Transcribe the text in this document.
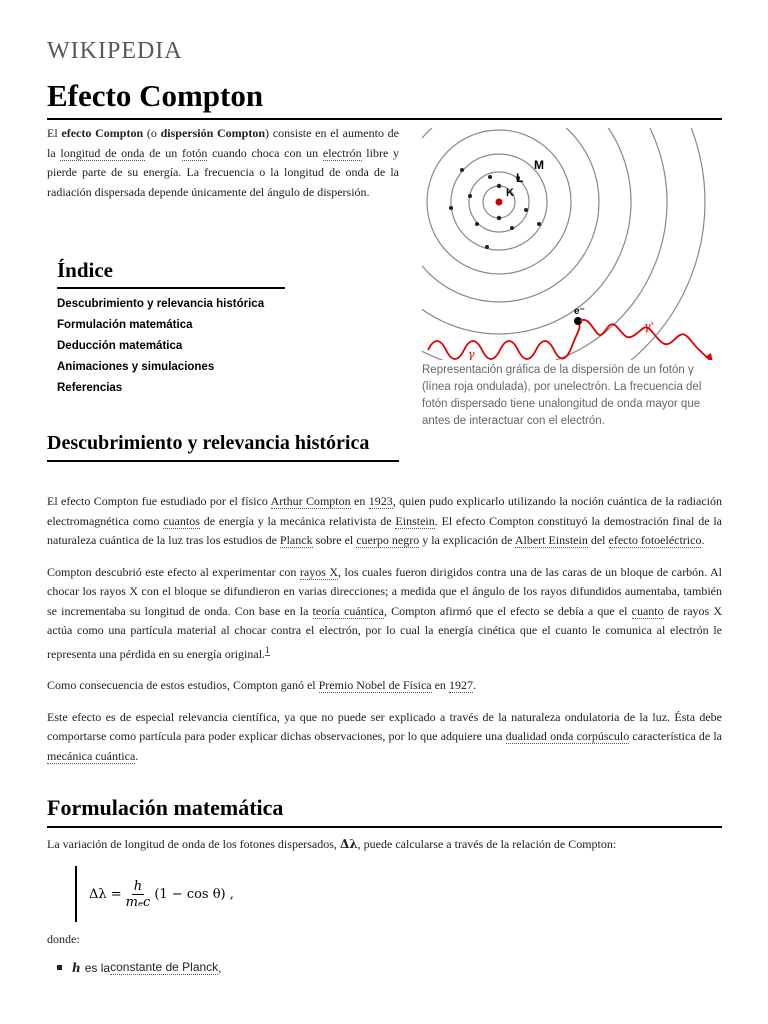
WIKIPEDIA
Efecto Compton

El efecto Compton (o dispersión Compton) consiste en el aumento de la longitud de onda de un fotón cuando choca con un electrón libre y pierde parte de su energía. La frecuencia o la longitud de onda de la radiación dispersada depende únicamente del ángulo de dispersión.

M
L
K
e⁻
γ
γ'
Representación gráfica de la dispersión de un fotón γ (línea roja ondulada), por unelectrón. La frecuencia del fotón dispersado tiene unalongitud de onda mayor que antes de interactuar con el electrón.
Índice
Descubrimiento y relevancia histórica
Formulación matemática
Deducción matemática
Animaciones y simulaciones
Referencias
Descubrimiento y relevancia histórica

El efecto Compton fue estudiado por el físico Arthur Compton en 1923, quien pudo explicarlo utilizando la noción cuántica de la radiación electromagnética como cuantos de energía y la mecánica relativista de Einstein. El efecto Compton constituyó la demostración final de la naturaleza cuántica de la luz tras los estudios de Planck sobre el cuerpo negro y la explicación de Albert Einstein del efecto fotoeléctrico.

Compton descubrió este efecto al experimentar con rayos X, los cuales fueron dirigidos contra una de las caras de un bloque de carbón. Al chocar los rayos X con el bloque se difundieron en varias direcciones; a medida que el ángulo de los rayos difundidos aumentaba, también se incrementaba su longitud de onda. Con base en la teoría cuántica, Compton afirmó que el efecto se debía a que el cuanto de rayos X actúa como una partícula material al chocar contra el electrón, por lo cual la energía cinética que el cuanto le comunica al electrón le representa una pérdida en su energía original.$^1$

Como consecuencia de estos estudios, Compton ganó el Premio Nobel de Física en 1927.

Este efecto es de especial relevancia científica, ya que no puede ser explicado a través de la naturaleza ondulatoria de la luz. Ésta debe comportarse como partícula para poder explicar dichas observaciones, por lo que adquiere una dualidad onda corpúsculo característica de la mecánica cuántica.

Formulación matemática

La variación de longitud de onda de los fotones dispersados, Δλ, puede calcularse a través de la relación de Compton:

$\Delta\lambda = \frac{h}{\text{mₑc}} (1 - \cos \theta)$ ,

donde:

h es la constante de Planck ,
